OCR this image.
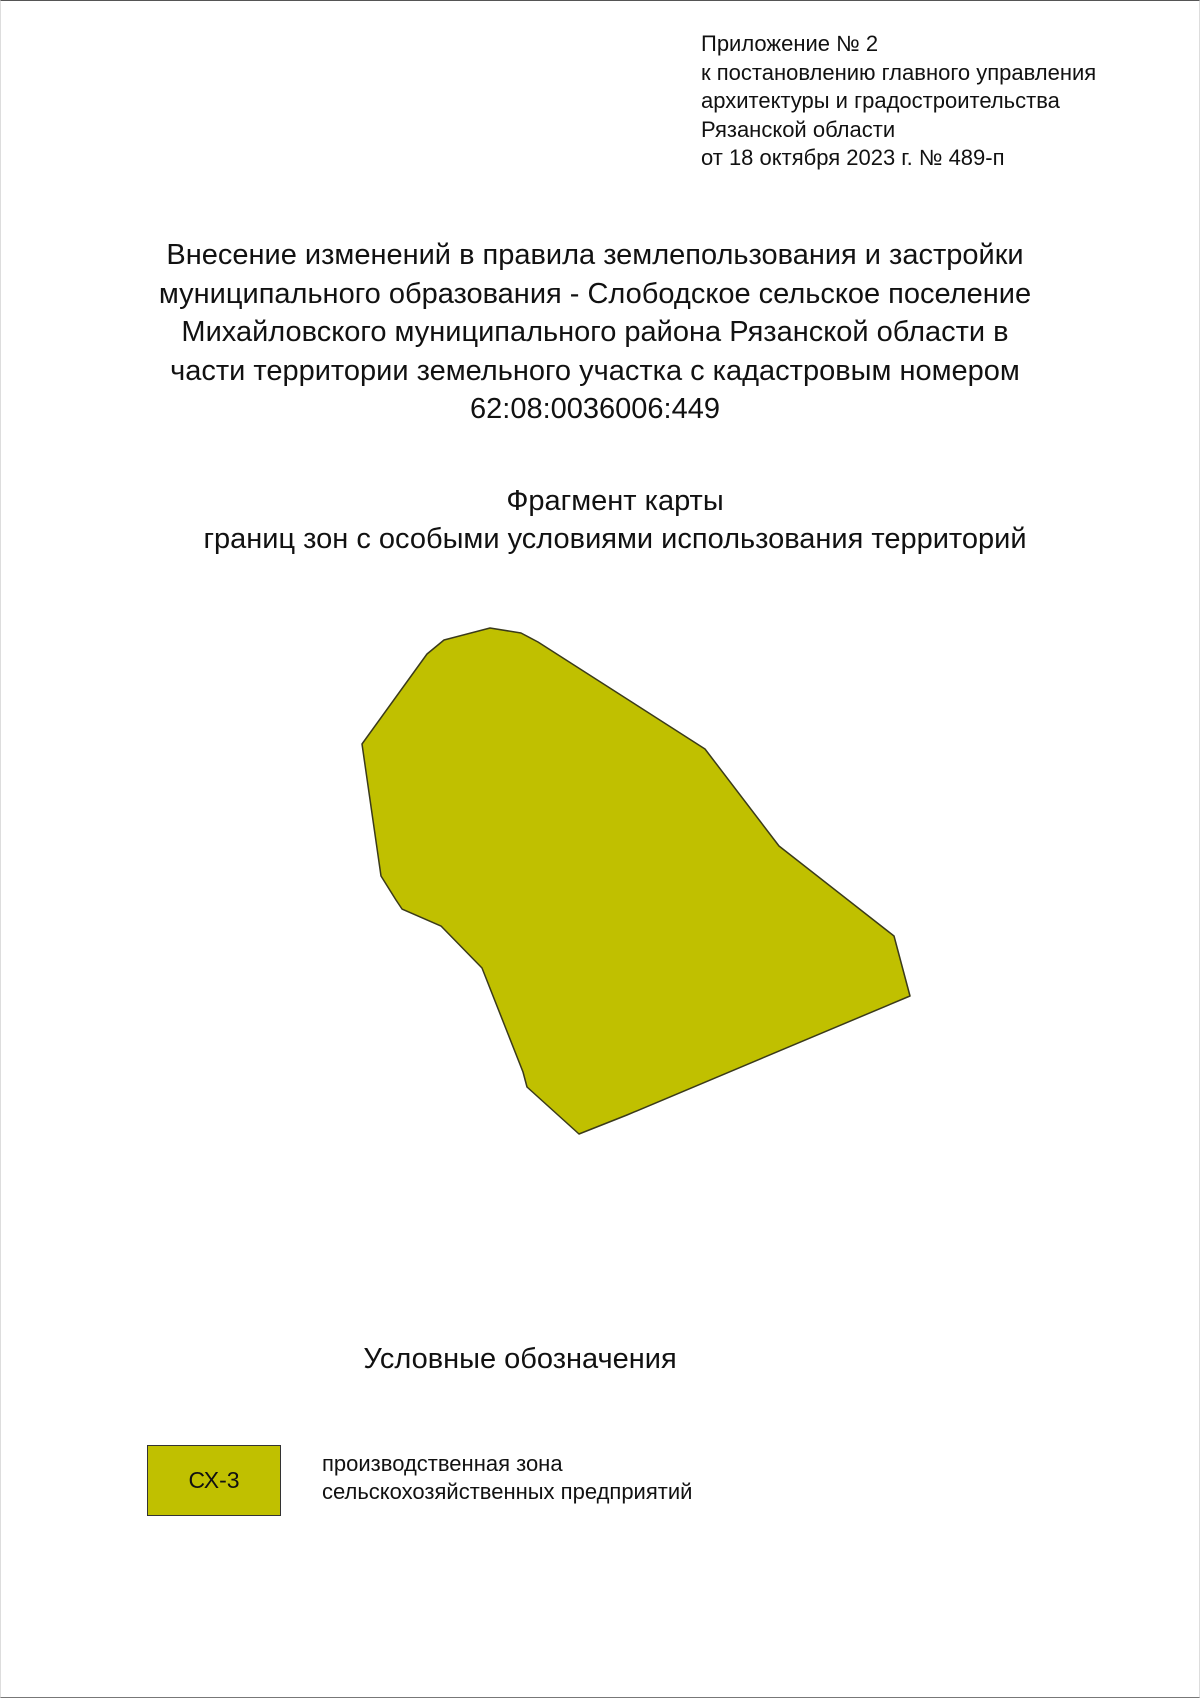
Приложение № 2
к постановлению главного управления
архитектуры и градостроительства
Рязанской области
от 18 октября 2023 г. № 489-п
Внесение изменений в правила землепользования и застройки
муниципального образования - Слободское сельское поселение
Михайловского муниципального района Рязанской области в
части территории земельного участка с кадастровым номером
62:08:0036006:449
Фрагмент карты
границ зон с особыми условиями использования территорий
Условные обозначения
СХ-3
производственная зона
сельскохозяйственных предприятий
